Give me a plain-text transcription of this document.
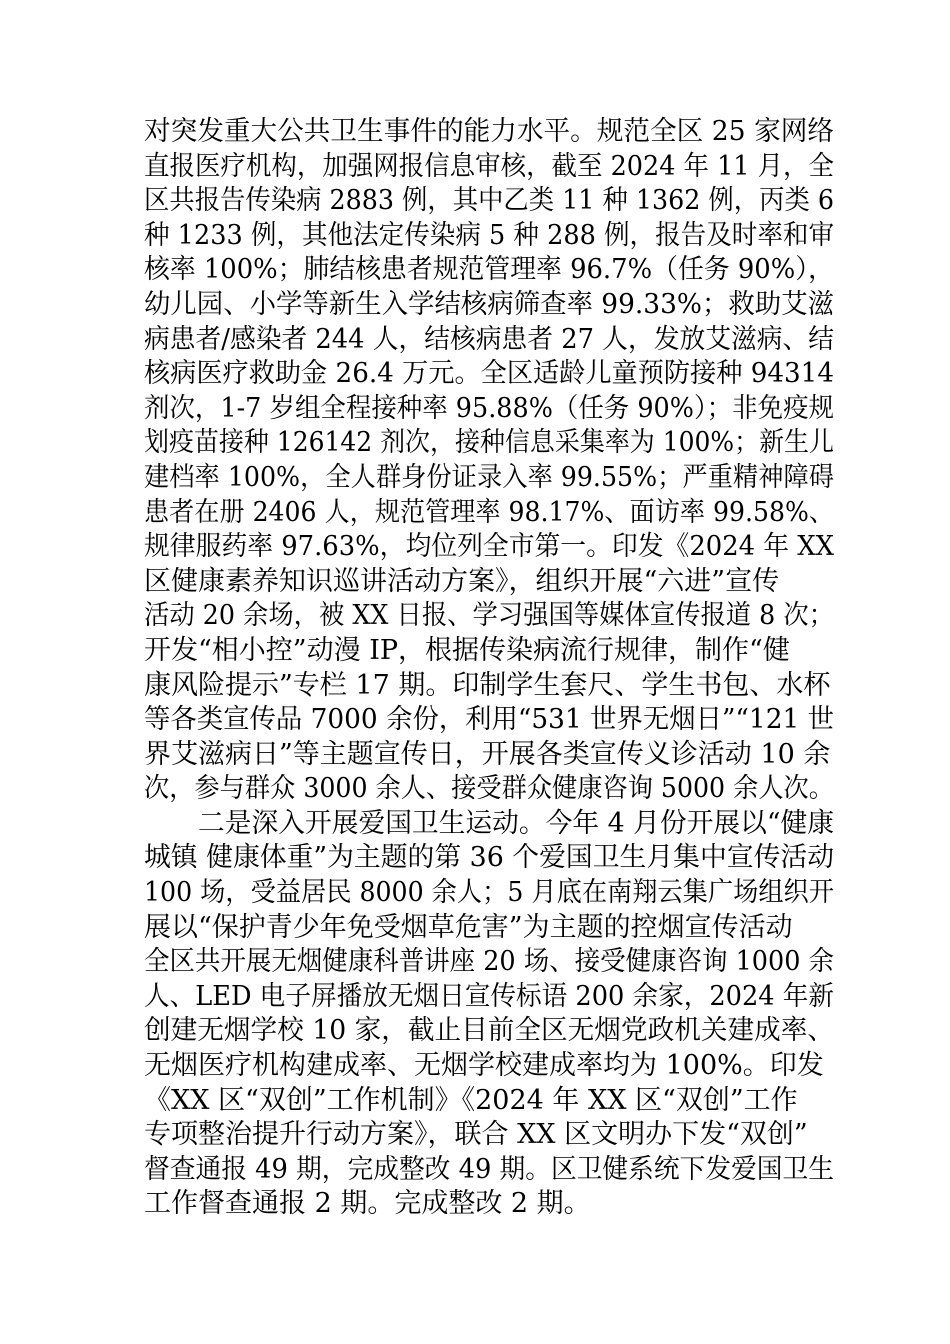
对突发重大公共卫生事件的能力水平。规范全区 25 家网络
直报医疗机构，加强网报信息审核，截至 2024 年 11 月，全
区共报告传染病 2883 例，其中乙类 11 种 1362 例，丙类 6
种 1233 例，其他法定传染病 5 种 288 例，报告及时率和审
核率 100%；肺结核患者规范管理率 96.7%（任务 90%），
幼儿园、小学等新生入学结核病筛查率 99.33%；救助艾滋
病患者/感染者 244 人，结核病患者 27 人，发放艾滋病、结
核病医疗救助金 26.4 万元。全区适龄儿童预防接种 94314
剂次，1-7 岁组全程接种率 95.88%（任务 90%）；非免疫规
划疫苗接种 126142 剂次，接种信息采集率为 100%；新生儿
建档率 100%，全人群身份证录入率 99.55%；严重精神障碍
患者在册 2406 人，规范管理率 98.17%、面访率 99.58%、
规律服药率 97.63%，均位列全市第一。印发《2024 年 XX
区健康素养知识巡讲活动方案》，组织开展“六进”宣传
活动 20 余场，被 XX 日报、学习强国等媒体宣传报道 8 次；
开发“相小控”动漫 IP，根据传染病流行规律，制作“健
康风险提示”专栏 17 期。印制学生套尺、学生书包、水杯
等各类宣传品 7000 余份，利用“531 世界无烟日”“121 世
界艾滋病日”等主题宣传日，开展各类宣传义诊活动 10 余
次，参与群众 3000 余人、接受群众健康咨询 5000 余人次。
二是深入开展爱国卫生运动。今年 4 月份开展以“健康
城镇 健康体重”为主题的第 36 个爱国卫生月集中宣传活动
100 场，受益居民 8000 余人；5 月底在南翔云集广场组织开
展以“保护青少年免受烟草危害”为主题的控烟宣传活动
全区共开展无烟健康科普讲座 20 场、接受健康咨询 1000 余
人、LED 电子屏播放无烟日宣传标语 200 余家，2024 年新
创建无烟学校 10 家，截止目前全区无烟党政机关建成率、
无烟医疗机构建成率、无烟学校建成率均为 100%。印发
《XX 区“双创”工作机制》《2024 年 XX 区“双创”工作
专项整治提升行动方案》，联合 XX 区文明办下发“双创”
督查通报 49 期，完成整改 49 期。区卫健系统下发爱国卫生
工作督查通报 2 期。完成整改 2 期。
